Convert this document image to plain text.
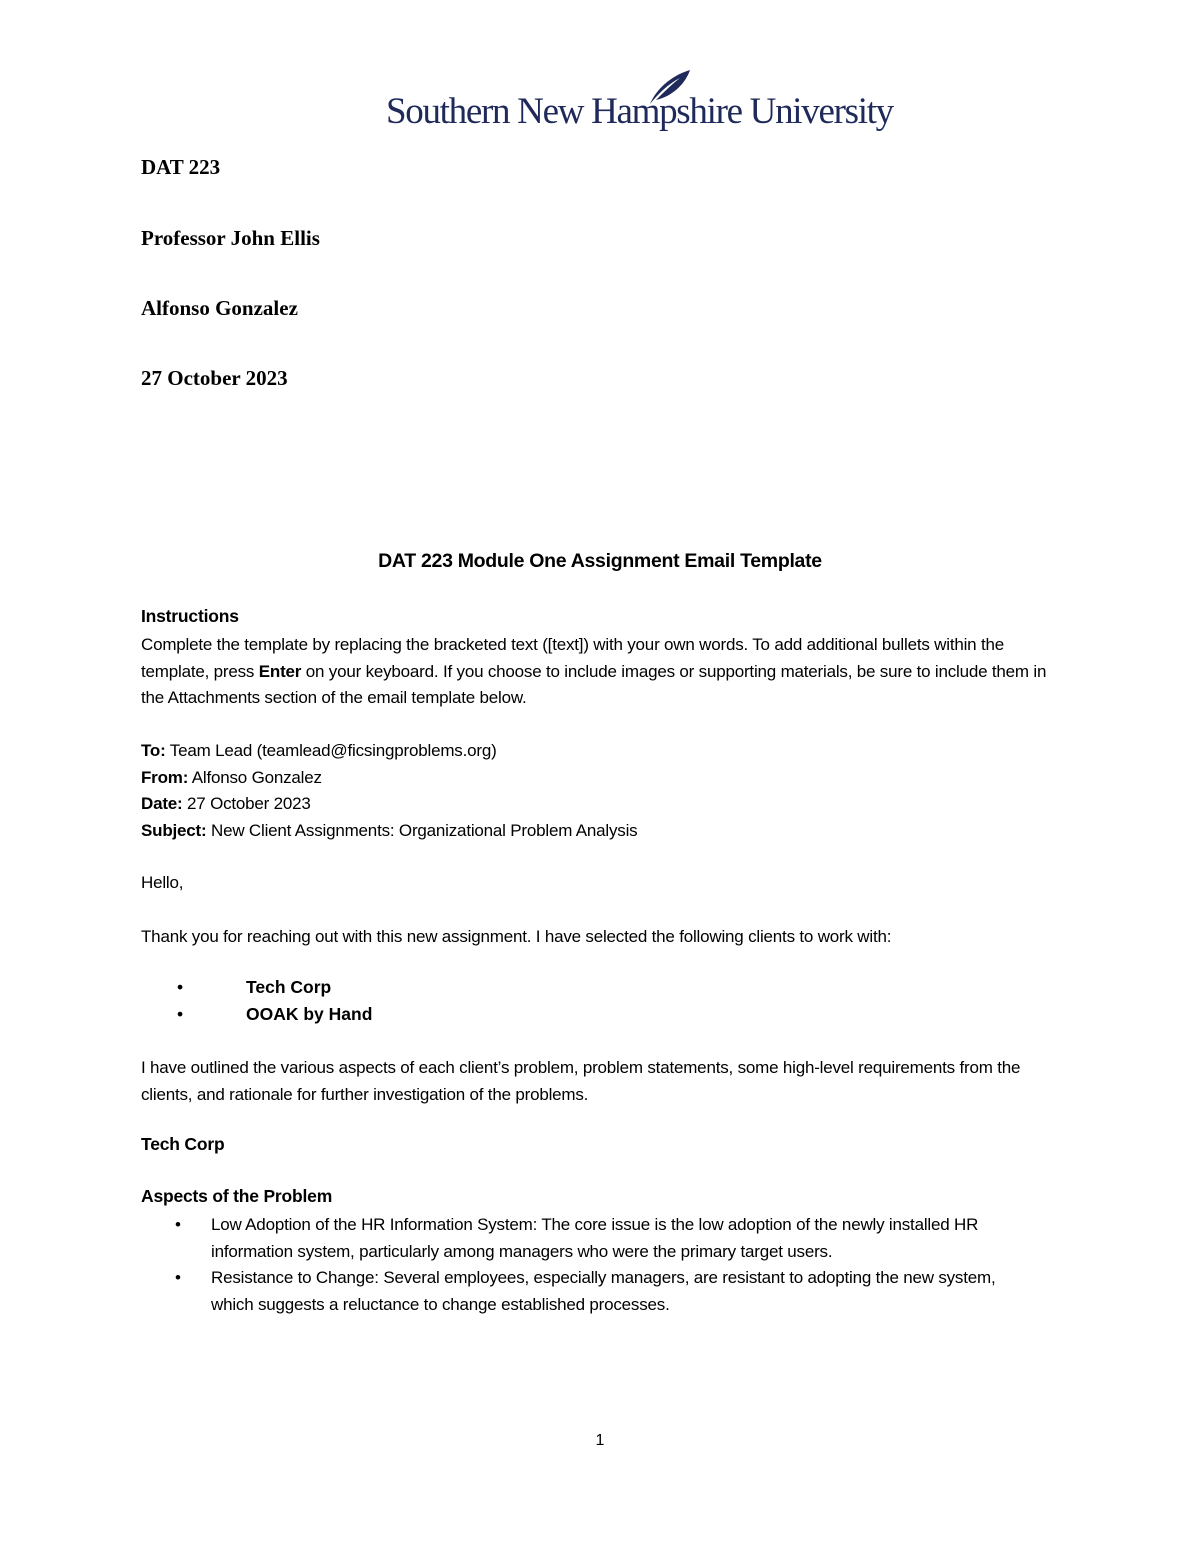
Southern New Hampshire University
DAT 223
Professor John Ellis
Alfonso Gonzalez
27 October 2023
DAT 223 Module One Assignment Email Template
Instructions
Complete the template by replacing the bracketed text ([text]) with your own words. To add additional bullets within the template, press Enter on your keyboard. If you choose to include images or supporting materials, be sure to include them in the Attachments section of the email template below.
To: Team Lead (teamlead@ficsingproblems.org)
From: Alfonso Gonzalez
Date: 27 October 2023
Subject: New Client Assignments: Organizational Problem Analysis
Hello,
Thank you for reaching out with this new assignment. I have selected the following clients to work with:
•	Tech Corp
•	OOAK by Hand
I have outlined the various aspects of each client’s problem, problem statements, some high-level requirements from the clients, and rationale for further investigation of the problems.
Tech Corp
Aspects of the Problem
• Low Adoption of the HR Information System: The core issue is the low adoption of the newly installed HR information system, particularly among managers who were the primary target users.
• Resistance to Change: Several employees, especially managers, are resistant to adopting the new system, which suggests a reluctance to change established processes.
1
